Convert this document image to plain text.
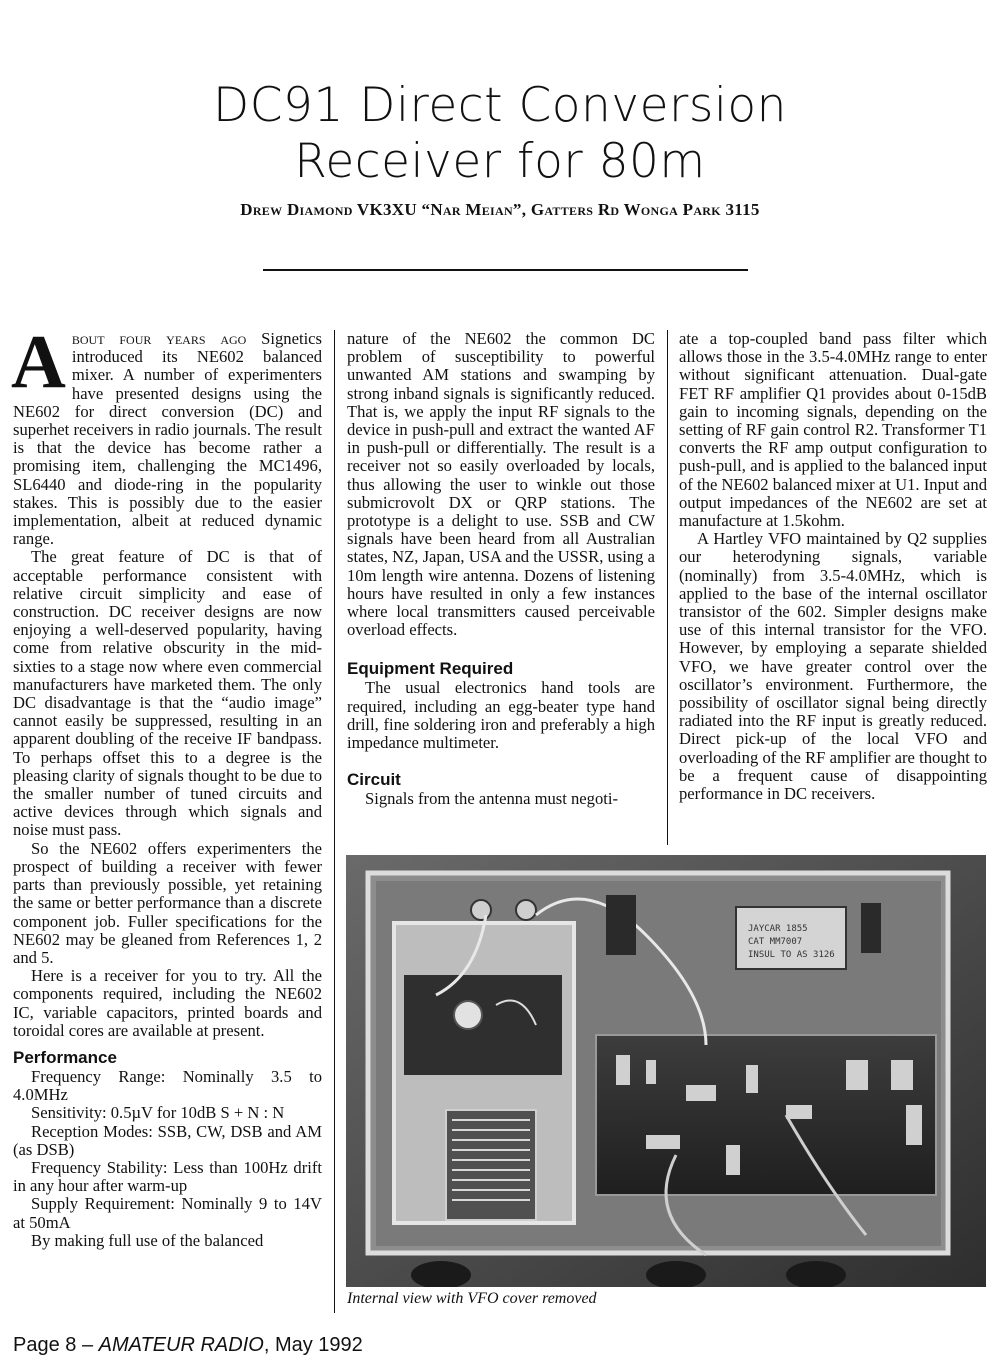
DC91 Direct Conversion
Receiver for 80m
Drew Diamond VK3XU “Nar Meian”, Gatters Rd Wonga Park 3115

About four years ago Signetics introduced its NE602 balanced mixer. A number of experimenters have presented designs using the NE602 for direct conversion (DC) and superhet receivers in radio journals. The result is that the device has become rather a promising item, challenging the MC1496, SL6440 and diode-ring in the popularity stakes. This is possibly due to the easier implementation, albeit at reduced dynamic range.

The great feature of DC is that of acceptable performance consistent with relative circuit simplicity and ease of construction. DC receiver designs are now enjoying a well-deserved popularity, having come from relative obscurity in the mid-sixties to a stage now where even commercial manufacturers have marketed them. The only DC disadvantage is that the “audio image” cannot easily be suppressed, resulting in an apparent doubling of the receive IF bandpass. To perhaps offset this to a degree is the pleasing clarity of signals thought to be due to the smaller number of tuned circuits and active devices through which signals and noise must pass.

So the NE602 offers experimenters the prospect of building a receiver with fewer parts than previously possible, yet retaining the same or better performance than a discrete component job. Fuller specifications for the NE602 may be gleaned from References 1, 2 and 5.

Here is a receiver for you to try. All the components required, including the NE602 IC, variable capacitors, printed boards and toroidal cores are available at present.

Performance

Frequency Range: Nominally 3.5 to 4.0MHz

Sensitivity: 0.5µV for 10dB S + N : N

Reception Modes: SSB, CW, DSB and AM (as DSB)

Frequency Stability: Less than 100Hz drift in any hour after warm-up

Supply Requirement: Nominally 9 to 14V at 50mA

By making full use of the balanced

nature of the NE602 the common DC problem of susceptibility to powerful unwanted AM stations and swamping by strong inband signals is significantly reduced. That is, we apply the input RF signals to the device in push-pull and extract the wanted AF in push-pull or differentially. The result is a receiver not so easily overloaded by locals, thus allowing the user to winkle out those submicrovolt DX or QRP stations. The prototype is a delight to use. SSB and CW signals have been heard from all Australian states, NZ, Japan, USA and the USSR, using a 10m length wire antenna. Dozens of listening hours have resulted in only a few instances where local transmitters caused perceivable overload effects.

Equipment Required

The usual electronics hand tools are required, including an egg-beater type hand drill, fine soldering iron and preferably a high impedance multimeter.

Circuit

Signals from the antenna must negoti-

ate a top-coupled band pass filter which allows those in the 3.5-4.0MHz range to enter without significant attenuation. Dual-gate FET RF amplifier Q1 provides about 0-15dB gain to incoming signals, depending on the setting of RF gain control R2. Transformer T1 converts the RF amp output configuration to push-pull, and is applied to the balanced input of the NE602 balanced mixer at U1. Input and output impedances of the NE602 are set at manufacture at 1.5kohm.

A Hartley VFO maintained by Q2 supplies our heterodyning signals, variable (nominally) from 3.5-4.0MHz, which is applied to the base of the internal oscillator transistor of the 602. Simpler designs make use of this internal transistor for the VFO. However, by employing a separate shielded VFO, we have greater control over the oscillator’s environment. Furthermore, the possibility of oscillator signal being directly radiated into the RF input is greatly reduced. Direct pick-up of the local VFO and overloading of the RF amplifier are thought to be a frequent cause of disappointing performance in DC receivers.

JAYCAR 1855
CAT MM7007
INSUL TO AS 3126
Internal view with VFO cover removed
Page 8 – AMATEUR RADIO, May 1992
